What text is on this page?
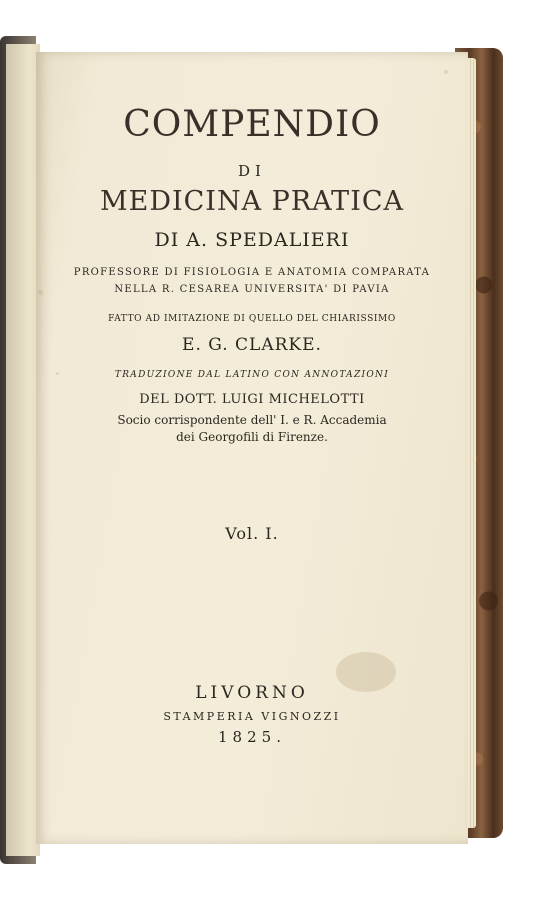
COMPENDIO
DI
MEDICINA PRATICA
DI A. SPEDALIERI
PROFESSORE DI FISIOLOGIA E ANATOMIA COMPARATA
NELLA R. CESAREA UNIVERSITA' DI PAVIA
FATTO AD IMITAZIONE DI QUELLO DEL CHIARISSIMO
E. G. CLARKE.
TRADUZIONE DAL LATINO CON ANNOTAZIONI
DEL DOTT. LUIGI MICHELOTTI
Socio corrispondente dell' I. e R. Accademia
dei Georgofili di Firenze.
Vol. I.
LIVORNO
STAMPERIA VIGNOZZI
1825.
